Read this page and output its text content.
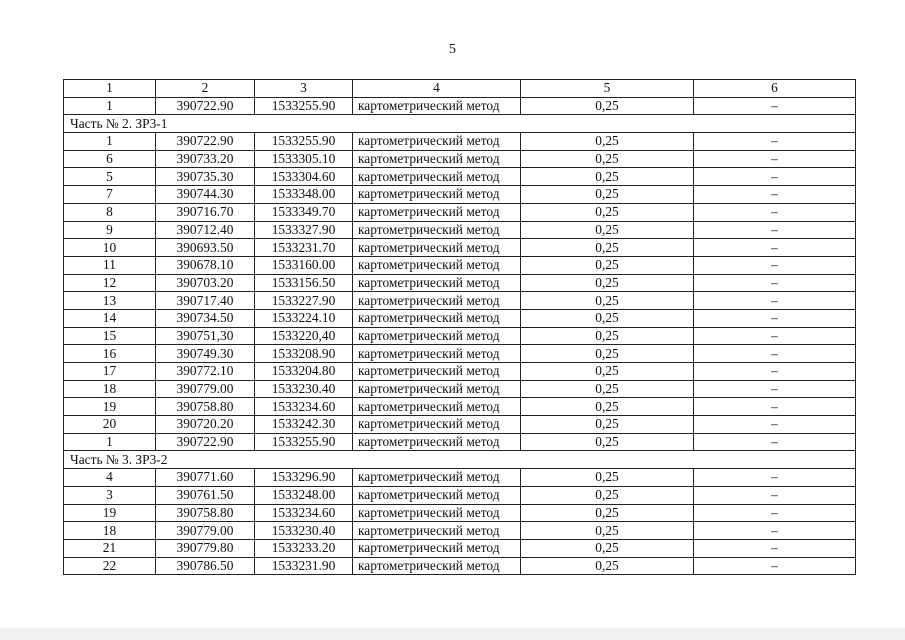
5
1	2	3	4	5	6
1	390722.90	1533255.90	картометрический метод	0,25	–
Часть № 2. ЗР3-1					
1	390722.90	1533255.90	картометрический метод	0,25	–
6	390733.20	1533305.10	картометрический метод	0,25	–
5	390735.30	1533304.60	картометрический метод	0,25	–
7	390744.30	1533348.00	картометрический метод	0,25	–
8	390716.70	1533349.70	картометрический метод	0,25	–
9	390712.40	1533327.90	картометрический метод	0,25	–
10	390693.50	1533231.70	картометрический метод	0,25	–
11	390678.10	1533160.00	картометрический метод	0,25	–
12	390703.20	1533156.50	картометрический метод	0,25	–
13	390717.40	1533227.90	картометрический метод	0,25	–
14	390734.50	1533224.10	картометрический метод	0,25	–
15	390751,30	1533220,40	картометрический метод	0,25	–
16	390749.30	1533208.90	картометрический метод	0,25	–
17	390772.10	1533204.80	картометрический метод	0,25	–
18	390779.00	1533230.40	картометрический метод	0,25	–
19	390758.80	1533234.60	картометрический метод	0,25	–
20	390720.20	1533242.30	картометрический метод	0,25	–
1	390722.90	1533255.90	картометрический метод	0,25	–
Часть № 3. ЗР3-2					
4	390771.60	1533296.90	картометрический метод	0,25	–
3	390761.50	1533248.00	картометрический метод	0,25	–
19	390758.80	1533234.60	картометрический метод	0,25	–
18	390779.00	1533230.40	картометрический метод	0,25	–
21	390779.80	1533233.20	картометрический метод	0,25	–
22	390786.50	1533231.90	картометрический метод	0,25	–
